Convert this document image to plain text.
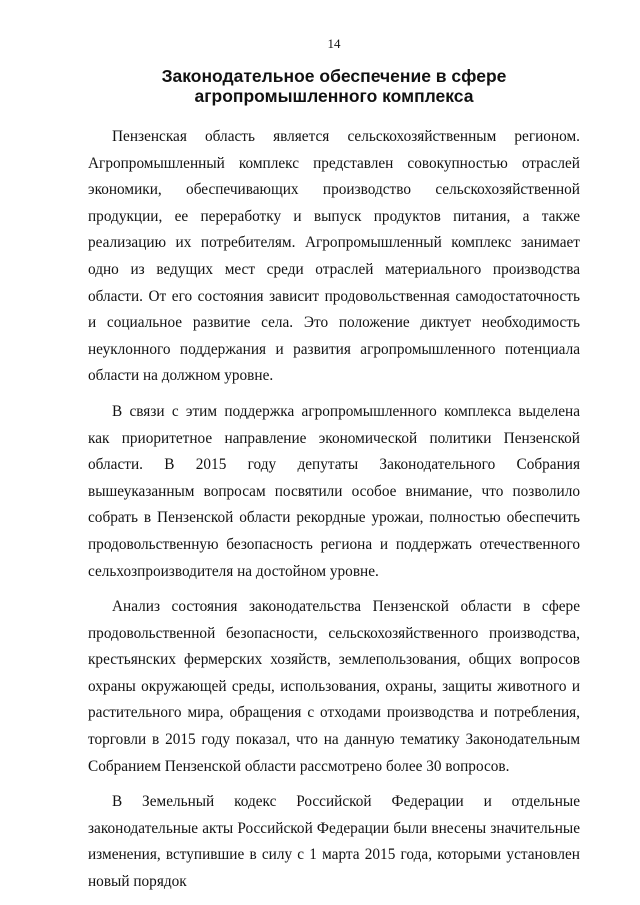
14
Законодательное обеспечение в сфере
агропромышленного комплекса

Пензенская область является сельскохозяйственным регионом. Агропромышленный комплекс представлен совокупностью отраслей экономики, обеспечивающих производство сельскохозяйственной продукции, ее переработку и выпуск продуктов питания, а также реализацию их потребителям. Агропромышленный комплекс занимает одно из ведущих мест среди отраслей материального производства области. От его состояния зависит продовольственная самодостаточность и социальное развитие села. Это положение диктует необходимость неуклонного поддержания и развития агропромышленного потенциала области на должном уровне.

В связи с этим поддержка агропромышленного комплекса выделена как приоритетное направление экономической политики Пензенской области. В 2015 году депутаты Законодательного Собрания вышеуказанным вопросам посвятили особое внимание, что позволило собрать в Пензенской области рекордные урожаи, полностью обеспечить продовольственную безопасность региона и поддержать отечественного сельхозпроизводителя на достойном уровне.

Анализ состояния законодательства Пензенской области в сфере продовольственной безопасности, сельскохозяйственного производства, крестьянских фермерских хозяйств, землепользования, общих вопросов охраны окружающей среды, использования, охраны, защиты животного и растительного мира, обращения с отходами производства и потребления, торговли в 2015 году показал, что на данную тематику Законодательным Собранием Пензенской области рассмотрено более 30 вопросов.

В Земельный кодекс Российской Федерации и отдельные законодательные акты Российской Федерации были внесены значительные изменения, вступившие в силу с 1 марта 2015 года, которыми установлен новый порядок
